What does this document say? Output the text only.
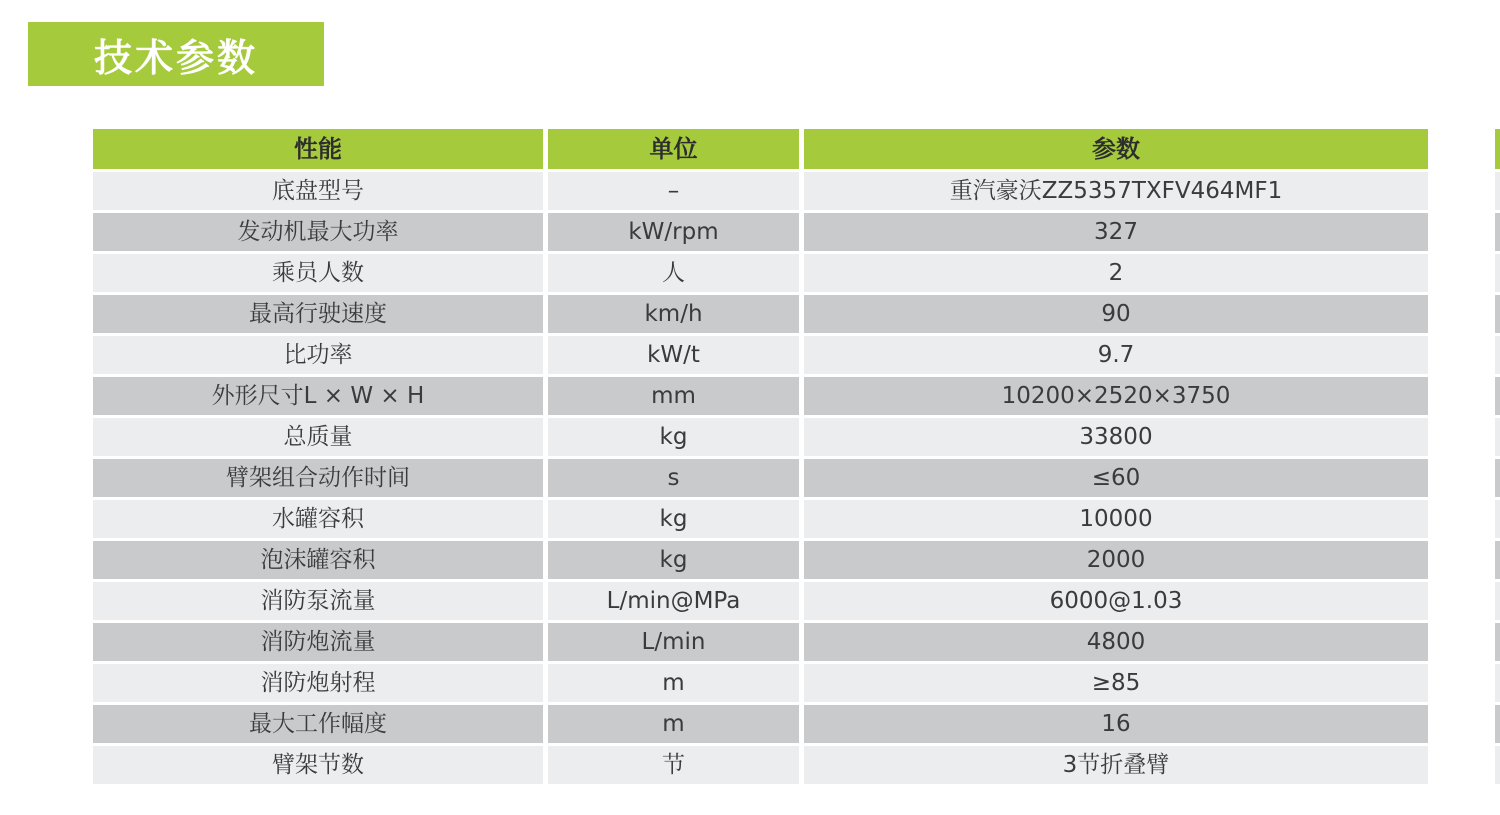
技术参数
性能	单位	参数
底盘型号	–	重汽豪沃ZZ5357TXFV464MF1
发动机最大功率	kW/rpm	327
乘员人数	人	2
最高行驶速度	km/h	90
比功率	kW/t	9.7
外形尺寸L × W × H	mm	10200×2520×3750
总质量	kg	33800
臂架组合动作时间	s	≤60
水罐容积	kg	10000
泡沫罐容积	kg	2000
消防泵流量	L/min@MPa	6000@1.03
消防炮流量	L/min	4800
消防炮射程	m	≥85
最大工作幅度	m	16
臂架节数	节	3节折叠臂
